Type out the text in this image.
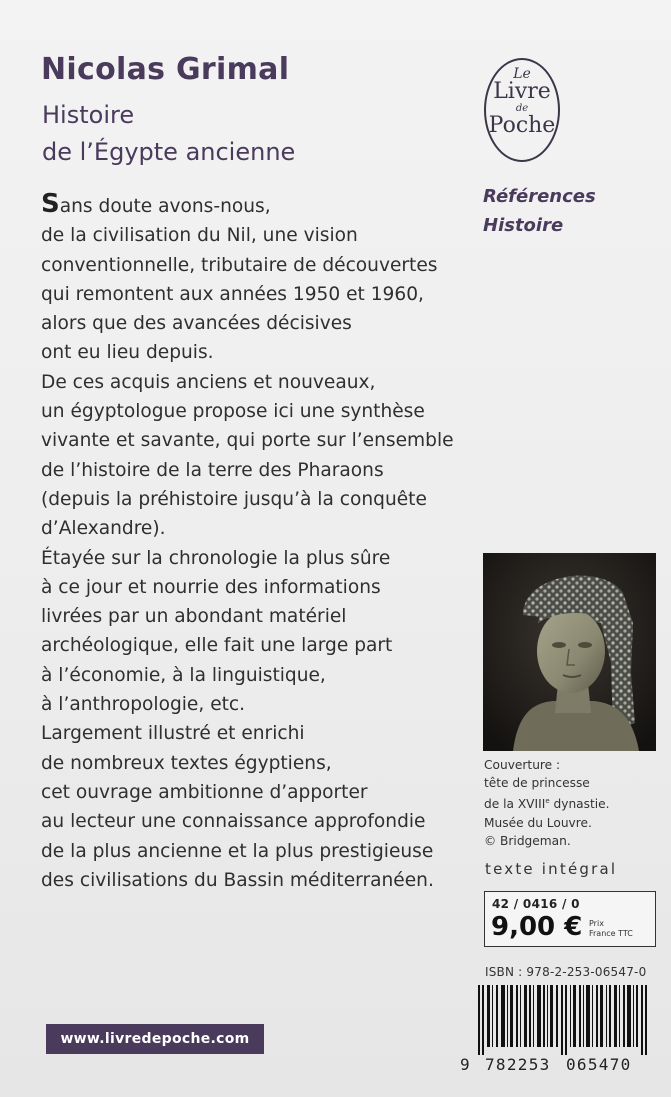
Nicolas Grimal
Histoire
de l’Égypte ancienne
Le
Livre
de
Poche
Références
Histoire
Sans doute avons-nous,
de la civilisation du Nil, une vision
conventionnelle, tributaire de découvertes
qui remontent aux années 1950 et 1960,
alors que des avancées décisives
ont eu lieu depuis.
De ces acquis anciens et nouveaux,
un égyptologue propose ici une synthèse
vivante et savante, qui porte sur l’ensemble
de l’histoire de la terre des Pharaons
(depuis la préhistoire jusqu’à la conquête
d’Alexandre).
Étayée sur la chronologie la plus sûre
à ce jour et nourrie des informations
livrées par un abondant matériel
archéologique, elle fait une large part
à l’économie, à la linguistique,
à l’anthropologie, etc.
Largement illustré et enrichi
de nombreux textes égyptiens,
cet ouvrage ambitionne d’apporter
au lecteur une connaissance approfondie
de la plus ancienne et la plus prestigieuse
des civilisations du Bassin méditerranéen.
Couverture :
tête de princesse
de la XVIIIe dynastie.
Musée du Louvre.
© Bridgeman.
texte intégral
42 / 0416 / 0
9,00 € Prix
France TTC
ISBN : 978-2-253-06547-0
9 782253 065470
www.livredepoche.com
